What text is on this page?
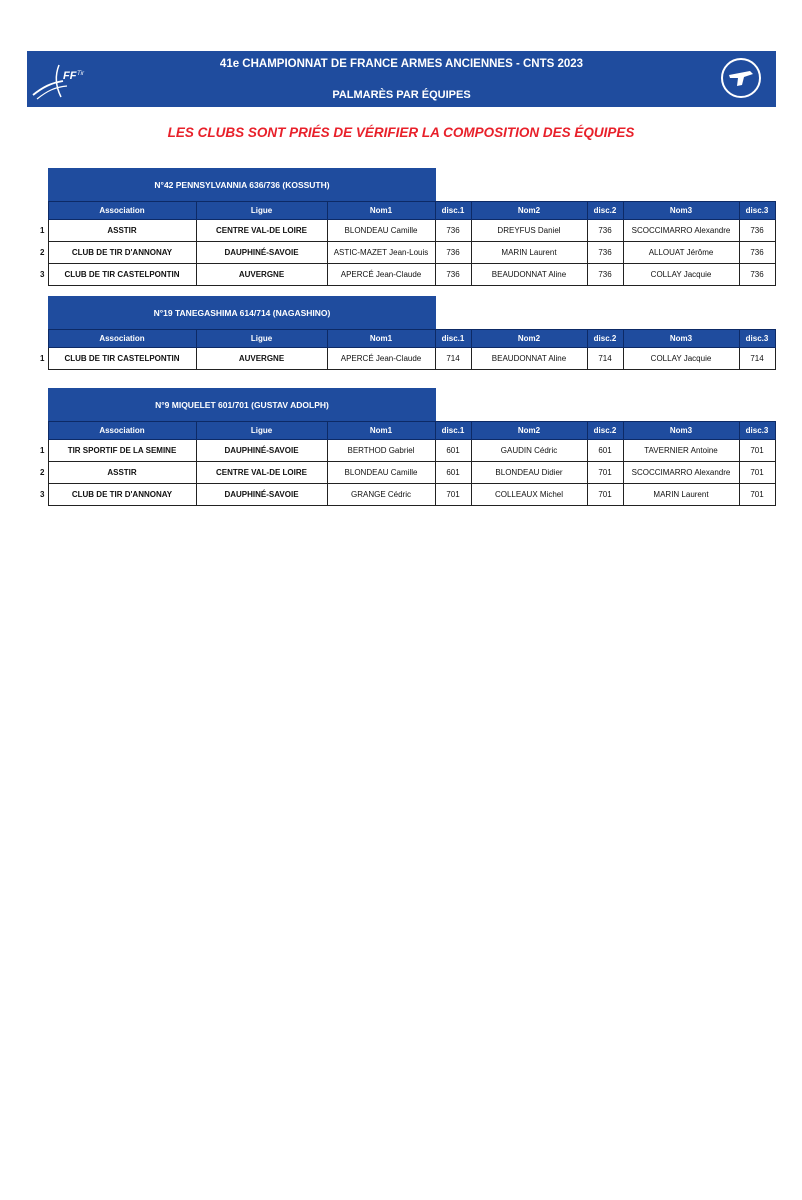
FF Tir
41e CHAMPIONNAT DE FRANCE ARMES ANCIENNES - CNTS 2023
PALMARÈS PAR ÉQUIPES
LES CLUBS SONT PRIÉS DE VÉRIFIER LA COMPOSITION DES ÉQUIPES
N°42 PENNSYLVANNIA 636/736 (KOSSUTH)
	Association	Ligue	Nom1	disc.1	Nom2	disc.2	Nom3	disc.3
1	ASSTIR	CENTRE VAL-DE LOIRE	BLONDEAU Camille	736	DREYFUS Daniel	736	SCOCCIMARRO Alexandre	736
2	CLUB DE TIR D'ANNONAY	DAUPHINÉ-SAVOIE	ASTIC-MAZET Jean-Louis	736	MARIN Laurent	736	ALLOUAT Jérôme	736
3	CLUB DE TIR CASTELPONTIN	AUVERGNE	APERCÉ Jean-Claude	736	BEAUDONNAT Aline	736	COLLAY Jacquie	736
N°19 TANEGASHIMA 614/714 (NAGASHINO)
	Association	Ligue	Nom1	disc.1	Nom2	disc.2	Nom3	disc.3
1	CLUB DE TIR CASTELPONTIN	AUVERGNE	APERCÉ Jean-Claude	714	BEAUDONNAT Aline	714	COLLAY Jacquie	714
N°9 MIQUELET 601/701 (GUSTAV ADOLPH)
	Association	Ligue	Nom1	disc.1	Nom2	disc.2	Nom3	disc.3
1	TIR SPORTIF DE LA SEMINE	DAUPHINÉ-SAVOIE	BERTHOD Gabriel	601	GAUDIN Cédric	601	TAVERNIER Antoine	701
2	ASSTIR	CENTRE VAL-DE LOIRE	BLONDEAU Camille	601	BLONDEAU Didier	701	SCOCCIMARRO Alexandre	701
3	CLUB DE TIR D'ANNONAY	DAUPHINÉ-SAVOIE	GRANGE Cédric	701	COLLEAUX Michel	701	MARIN Laurent	701
